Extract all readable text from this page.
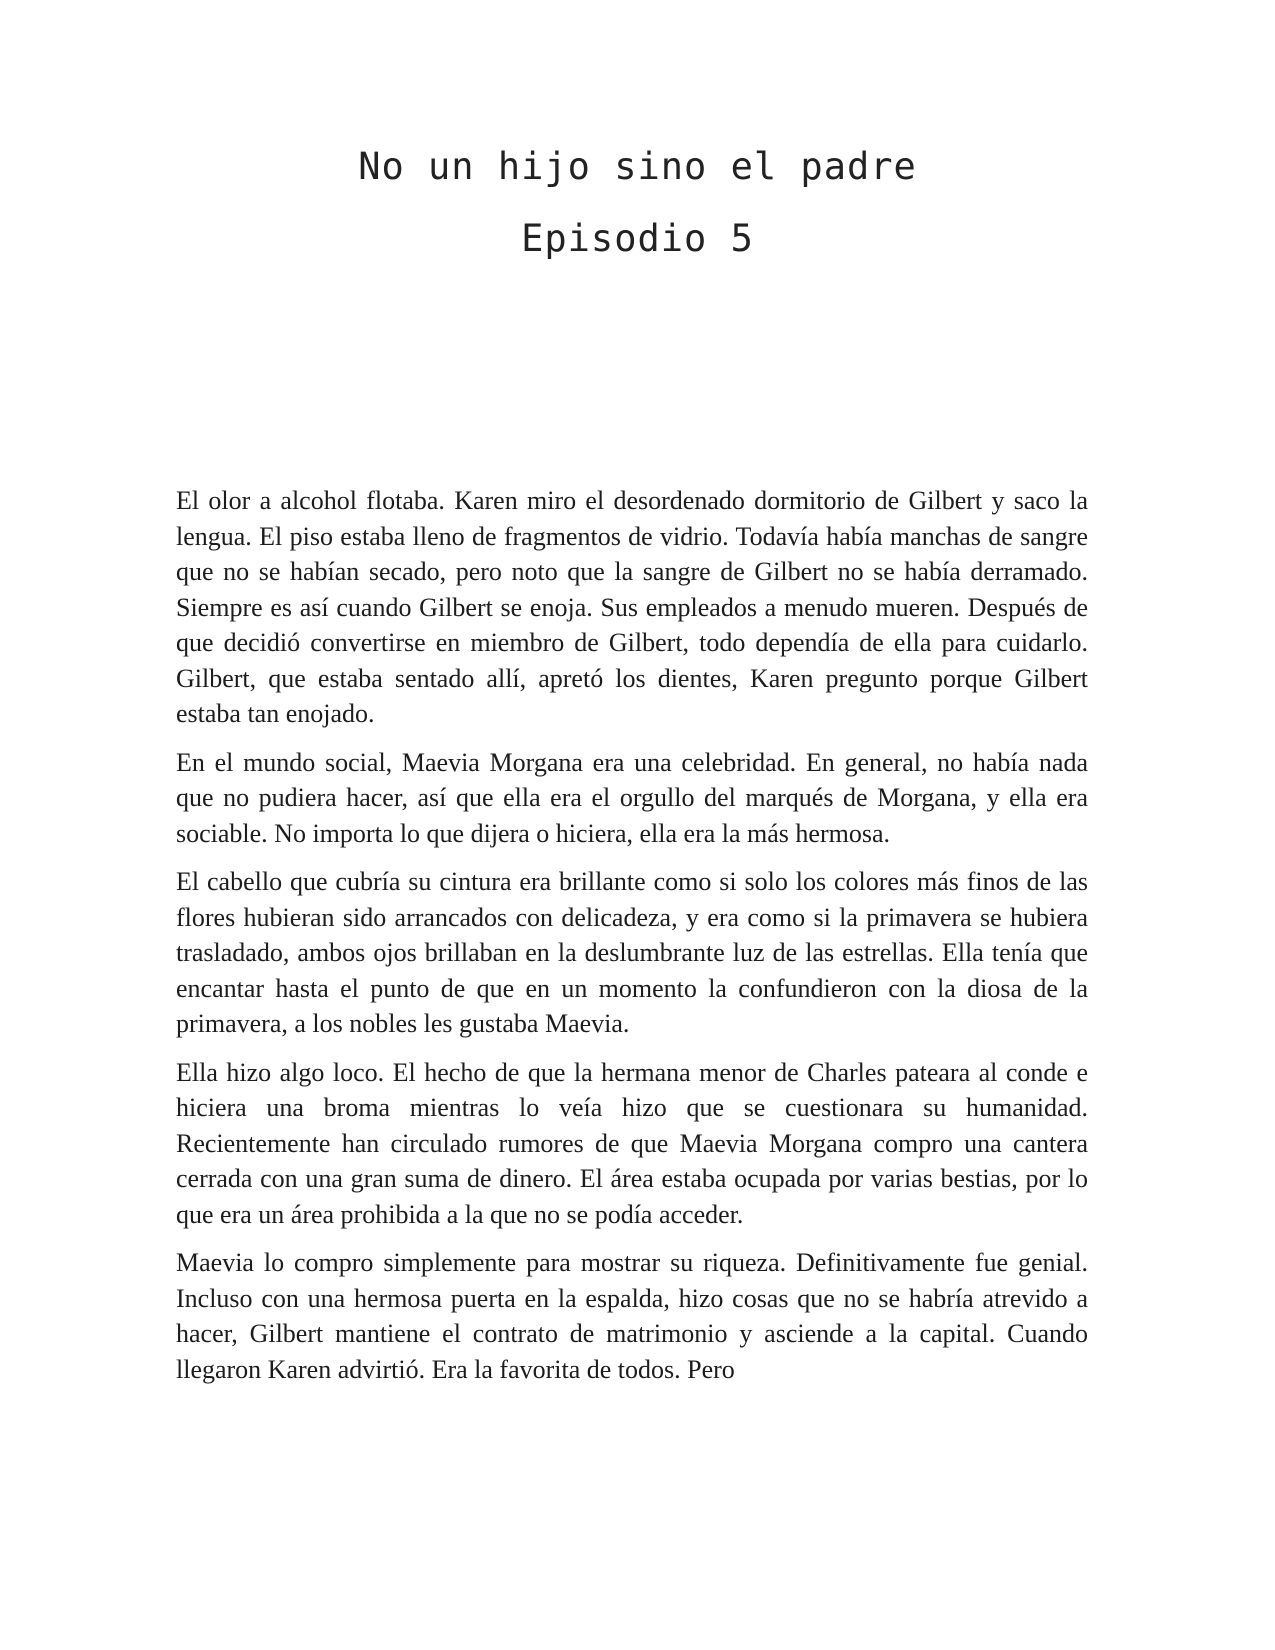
No un hijo sino el padre

Episodio 5

El olor a alcohol flotaba. Karen miro el desordenado dormitorio de Gilbert y saco la lengua. El piso estaba lleno de fragmentos de vidrio. Todavía había manchas de sangre que no se habían secado, pero noto que la sangre de Gilbert no se había derramado. Siempre es así cuando Gilbert se enoja. Sus empleados a menudo mueren. Después de que decidió convertirse en miembro de Gilbert, todo dependía de ella para cuidarlo. Gilbert, que estaba sentado allí, apretó los dientes, Karen pregunto porque Gilbert estaba tan enojado.

En el mundo social, Maevia Morgana era una celebridad. En general, no había nada que no pudiera hacer, así que ella era el orgullo del marqués de Morgana, y ella era sociable. No importa lo que dijera o hiciera, ella era la más hermosa.

El cabello que cubría su cintura era brillante como si solo los colores más finos de las flores hubieran sido arrancados con delicadeza, y era como si la primavera se hubiera trasladado, ambos ojos brillaban en la deslumbrante luz de las estrellas. Ella tenía que encantar hasta el punto de que en un momento la confundieron con la diosa de la primavera, a los nobles les gustaba Maevia.

Ella hizo algo loco. El hecho de que la hermana menor de Charles pateara al conde e hiciera una broma mientras lo veía hizo que se cuestionara su humanidad. Recientemente han circulado rumores de que Maevia Morgana compro una cantera cerrada con una gran suma de dinero. El área estaba ocupada por varias bestias, por lo que era un área prohibida a la que no se podía acceder.

Maevia lo compro simplemente para mostrar su riqueza. Definitivamente fue genial. Incluso con una hermosa puerta en la espalda, hizo cosas que no se habría atrevido a hacer, Gilbert mantiene el contrato de matrimonio y asciende a la capital. Cuando llegaron Karen advirtió. Era la favorita de todos. Pero
